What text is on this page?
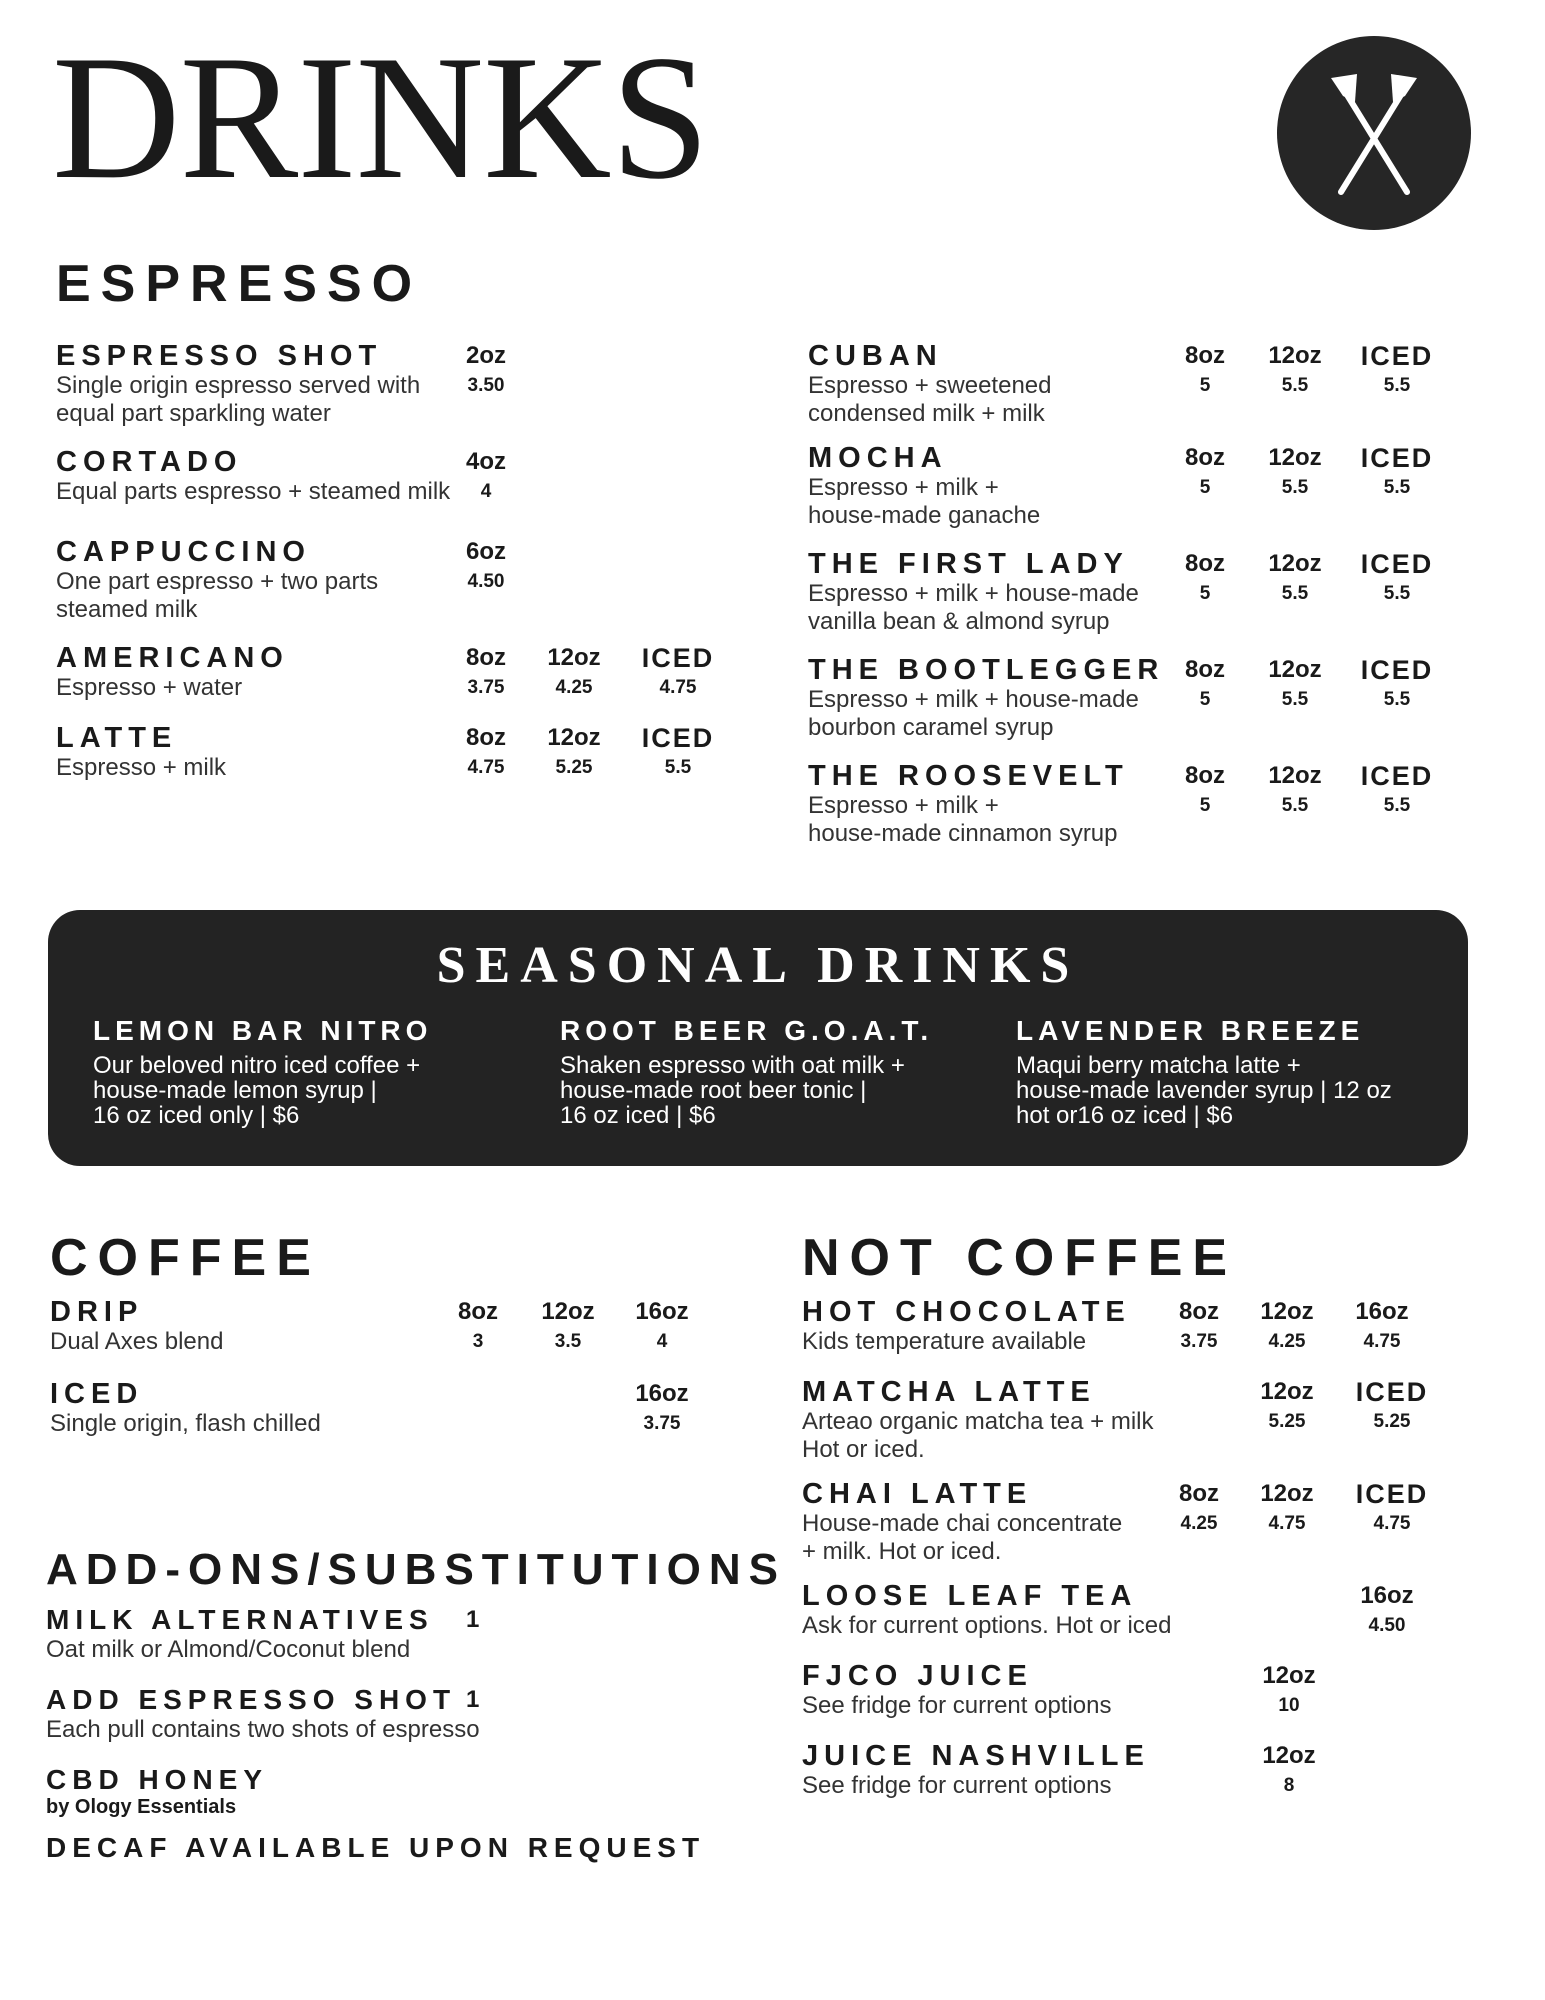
DRINKS
ESPRESSO
ESPRESSO SHOT
Single origin espresso served with
equal part sparkling water
2oz
3.50
CORTADO
Equal parts espresso + steamed milk
4oz
4
CAPPUCCINO
One part espresso + two parts
steamed milk
6oz
4.50
AMERICANO
Espresso + water
8oz
3.75
12oz
4.25
ICED
4.75
LATTE
Espresso + milk
8oz
4.75
12oz
5.25
ICED
5.5
CUBAN
Espresso + sweetened
condensed milk + milk
8oz
5
12oz
5.5
ICED
5.5
MOCHA
Espresso + milk +
house-made ganache
8oz
5
12oz
5.5
ICED
5.5
THE FIRST LADY
Espresso + milk + house-made
vanilla bean & almond syrup
8oz
5
12oz
5.5
ICED
5.5
THE BOOTLEGGER
Espresso + milk + house-made
bourbon caramel syrup
8oz
5
12oz
5.5
ICED
5.5
THE ROOSEVELT
Espresso + milk +
house-made cinnamon syrup
8oz
5
12oz
5.5
ICED
5.5
SEASONAL DRINKS
LEMON BAR NITRO
Our beloved nitro iced coffee +
house-made lemon syrup |
16 oz iced only | $6
ROOT BEER G.O.A.T.
Shaken espresso with oat milk +
house-made root beer tonic |
16 oz iced | $6
LAVENDER BREEZE
Maqui berry matcha latte +
house-made lavender syrup | 12 oz
hot or16 oz iced | $6
COFFEE
DRIP
Dual Axes blend
8oz
3
12oz
3.5
16oz
4
ICED
Single origin, flash chilled
16oz
3.75
ADD-ONS/SUBSTITUTIONS
MILK ALTERNATIVES 1
Oat milk or Almond/Coconut blend
ADD ESPRESSO SHOT 1
Each pull contains two shots of espresso
CBD HONEY
by Ology Essentials
DECAF AVAILABLE UPON REQUEST
NOT COFFEE
HOT CHOCOLATE
Kids temperature available
8oz
3.75
12oz
4.25
16oz
4.75
MATCHA LATTE
Arteao organic matcha tea + milk
Hot or iced.
12oz
5.25
ICED
5.25
CHAI LATTE
House-made chai concentrate
+ milk. Hot or iced.
8oz
4.25
12oz
4.75
ICED
4.75
LOOSE LEAF TEA
Ask for current options. Hot or iced
16oz
4.50
FJCO JUICE
See fridge for current options
12oz
10
JUICE NASHVILLE
See fridge for current options
12oz
8
